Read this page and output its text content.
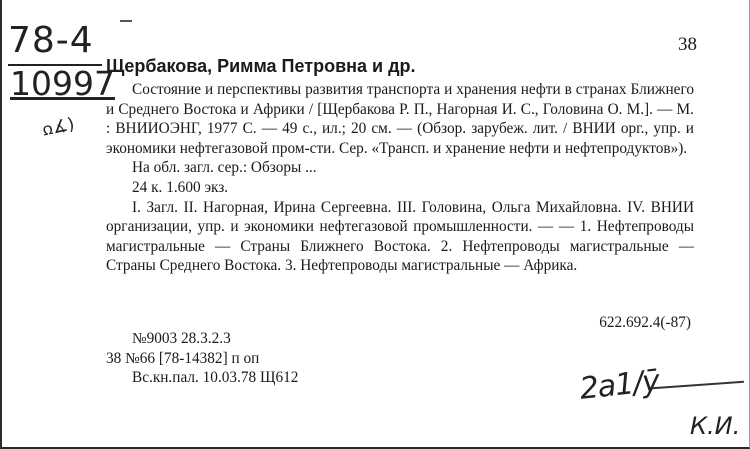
78-4
10997
ꭥ∡)
38
Щербакова, Римма Петровна и др.

Состояние и перспективы развития транспорта и хранения нефти в странах Ближнего и Среднего Востока и Африки / [Щербакова Р. П., Нагорная И. С., Головина О. М.]. — М. : ВНИИОЭНГ, 1977 С. — 49 с., ил.; 20 см. — (Обзор. зарубеж. лит. / ВНИИ орг., упр. и экономики нефтегазовой пром-сти. Сер. «Трансп. и хранение нефти и нефтепродуктов»).

На обл. загл. сер.: Обзоры ...

24 к. 1.600 экз.

I. Загл. II. Нагорная, Ирина Сергеевна. III. Головина, Ольга Михайловна. IV. ВНИИ организации, упр. и экономики нефтегазовой промышленности. — — 1. Нефтепроводы магистральные — Страны Ближнего Востока. 2. Нефтепроводы магистральные — Страны Среднего Востока. 3. Нефтепроводы магистральные — Африка.

622.692.4(-87)
№9003 28.3.2.3
38 №66 [78-14382] п оп
Вс.кн.пал. 10.03.78 Щ612	2а1/ӯ
К.И.
